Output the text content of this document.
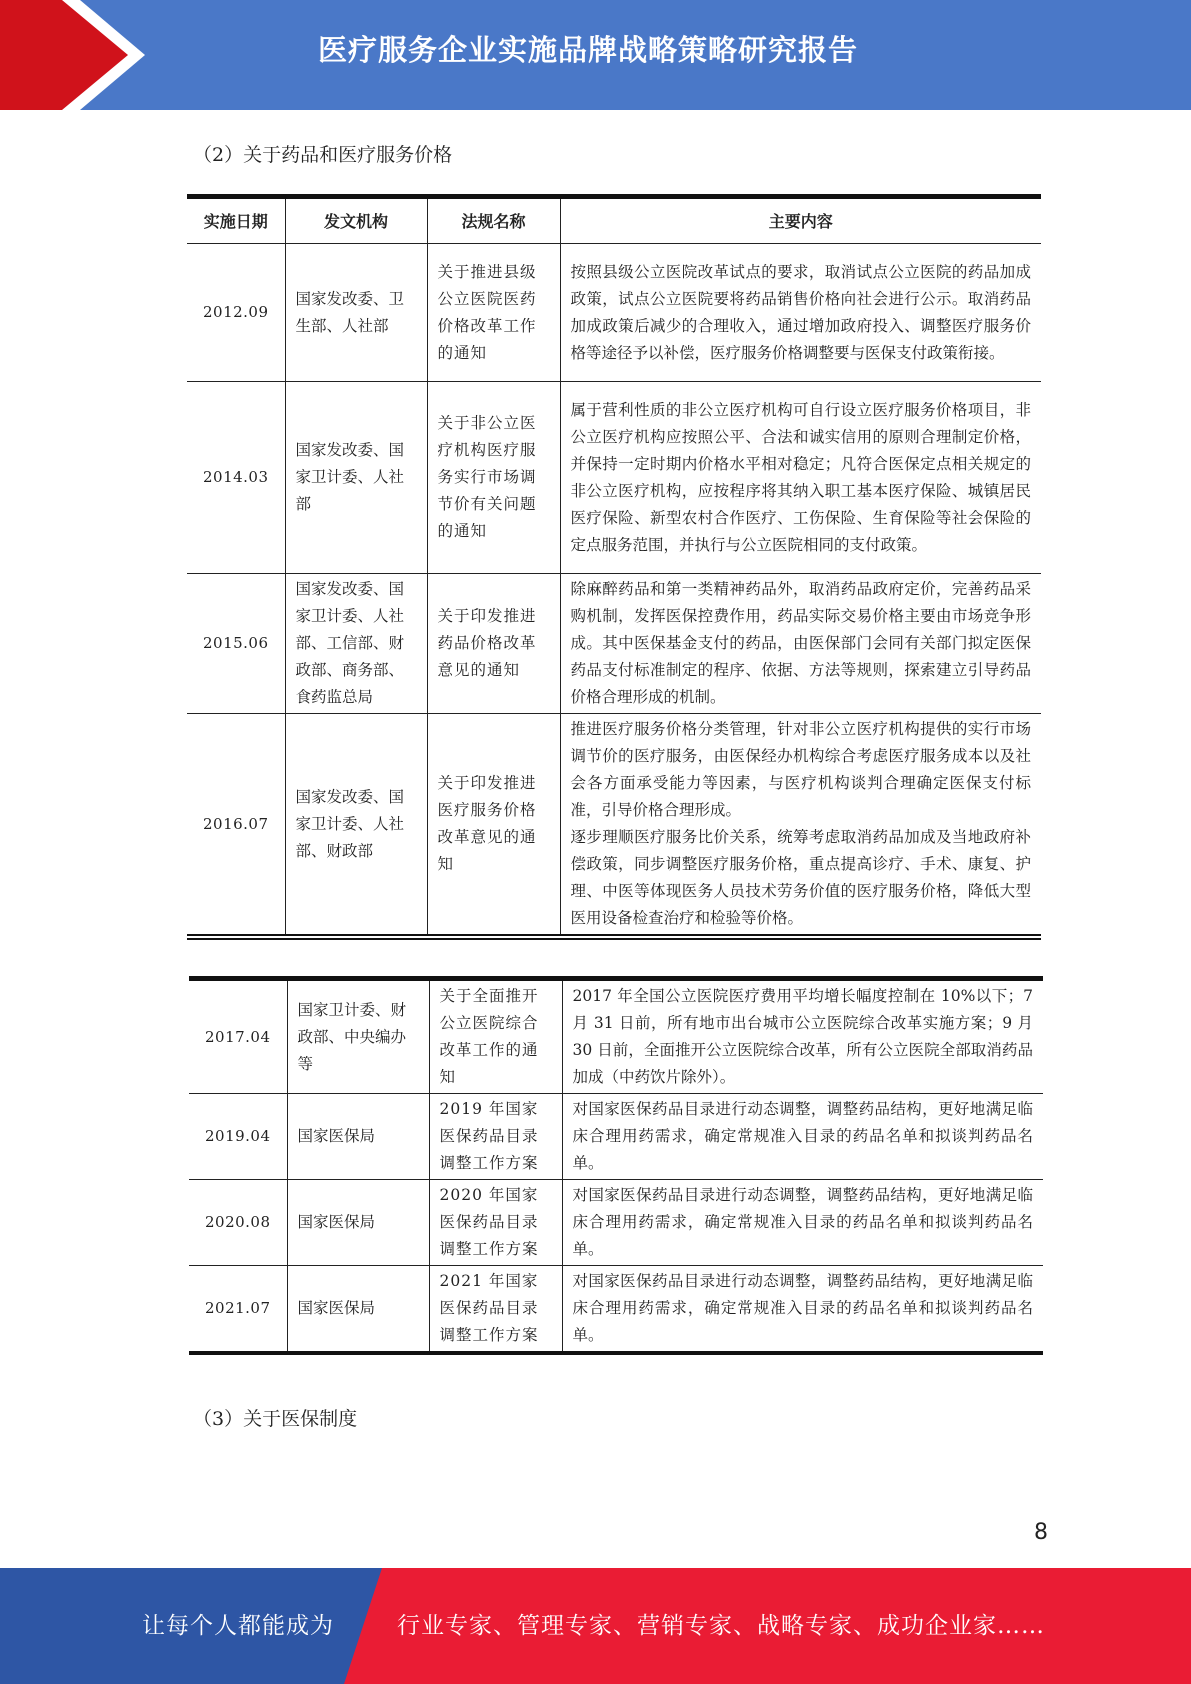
医疗服务企业实施品牌战略策略研究报告
（2）关于药品和医疗服务价格
实施日期	发文机构	法规名称	主要内容
2012.09	国家发改委、卫生部、人社部	关于推进县级公立医院医药价格改革工作的通知	按照县级公立医院改革试点的要求，取消试点公立医院的药品加成政策，试点公立医院要将药品销售价格向社会进行公示。取消药品加成政策后减少的合理收入，通过增加政府投入、调整医疗服务价格等途径予以补偿，医疗服务价格调整要与医保支付政策衔接。
2014.03	国家发改委、国家卫计委、人社部	关于非公立医疗机构医疗服务实行市场调节价有关问题的通知	属于营利性质的非公立医疗机构可自行设立医疗服务价格项目，非公立医疗机构应按照公平、合法和诚实信用的原则合理制定价格，并保持一定时期内价格水平相对稳定；凡符合医保定点相关规定的非公立医疗机构，应按程序将其纳入职工基本医疗保险、城镇居民医疗保险、新型农村合作医疗、工伤保险、生育保险等社会保险的定点服务范围，并执行与公立医院相同的支付政策。
2015.06	国家发改委、国家卫计委、人社部、工信部、财政部、商务部、食药监总局	关于印发推进药品价格改革意见的通知	除麻醉药品和第一类精神药品外，取消药品政府定价，完善药品采购机制，发挥医保控费作用，药品实际交易价格主要由市场竞争形成。其中医保基金支付的药品，由医保部门会同有关部门拟定医保药品支付标准制定的程序、依据、方法等规则，探索建立引导药品价格合理形成的机制。
2016.07	国家发改委、国家卫计委、人社部、财政部	关于印发推进医疗服务价格改革意见的通知	推进医疗服务价格分类管理，针对非公立医疗机构提供的实行市场调节价的医疗服务，由医保经办机构综合考虑医疗服务成本以及社会各方面承受能力等因素，与医疗机构谈判合理确定医保支付标准，引导价格合理形成。
逐步理顺医疗服务比价关系，统筹考虑取消药品加成及当地政府补偿政策，同步调整医疗服务价格，重点提高诊疗、手术、康复、护理、中医等体现医务人员技术劳务价值的医疗服务价格，降低大型医用设备检查治疗和检验等价格。
2017.04	国家卫计委、财政部、中央编办等	关于全面推开公立医院综合改革工作的通知	2017 年全国公立医院医疗费用平均增长幅度控制在 10%以下；7 月 31 日前，所有地市出台城市公立医院综合改革实施方案；9 月 30 日前，全面推开公立医院综合改革，所有公立医院全部取消药品加成（中药饮片除外）。
2019.04	国家医保局	2019 年国家医保药品目录调整工作方案	对国家医保药品目录进行动态调整，调整药品结构，更好地满足临床合理用药需求，确定常规准入目录的药品名单和拟谈判药品名单。
2020.08	国家医保局	2020 年国家医保药品目录调整工作方案	对国家医保药品目录进行动态调整，调整药品结构，更好地满足临床合理用药需求，确定常规准入目录的药品名单和拟谈判药品名单。
2021.07	国家医保局	2021 年国家医保药品目录调整工作方案	对国家医保药品目录进行动态调整，调整药品结构，更好地满足临床合理用药需求，确定常规准入目录的药品名单和拟谈判药品名单。
（3）关于医保制度
8
让每个人都能成为	行业专家、管理专家、营销专家、战略专家、成功企业家……
